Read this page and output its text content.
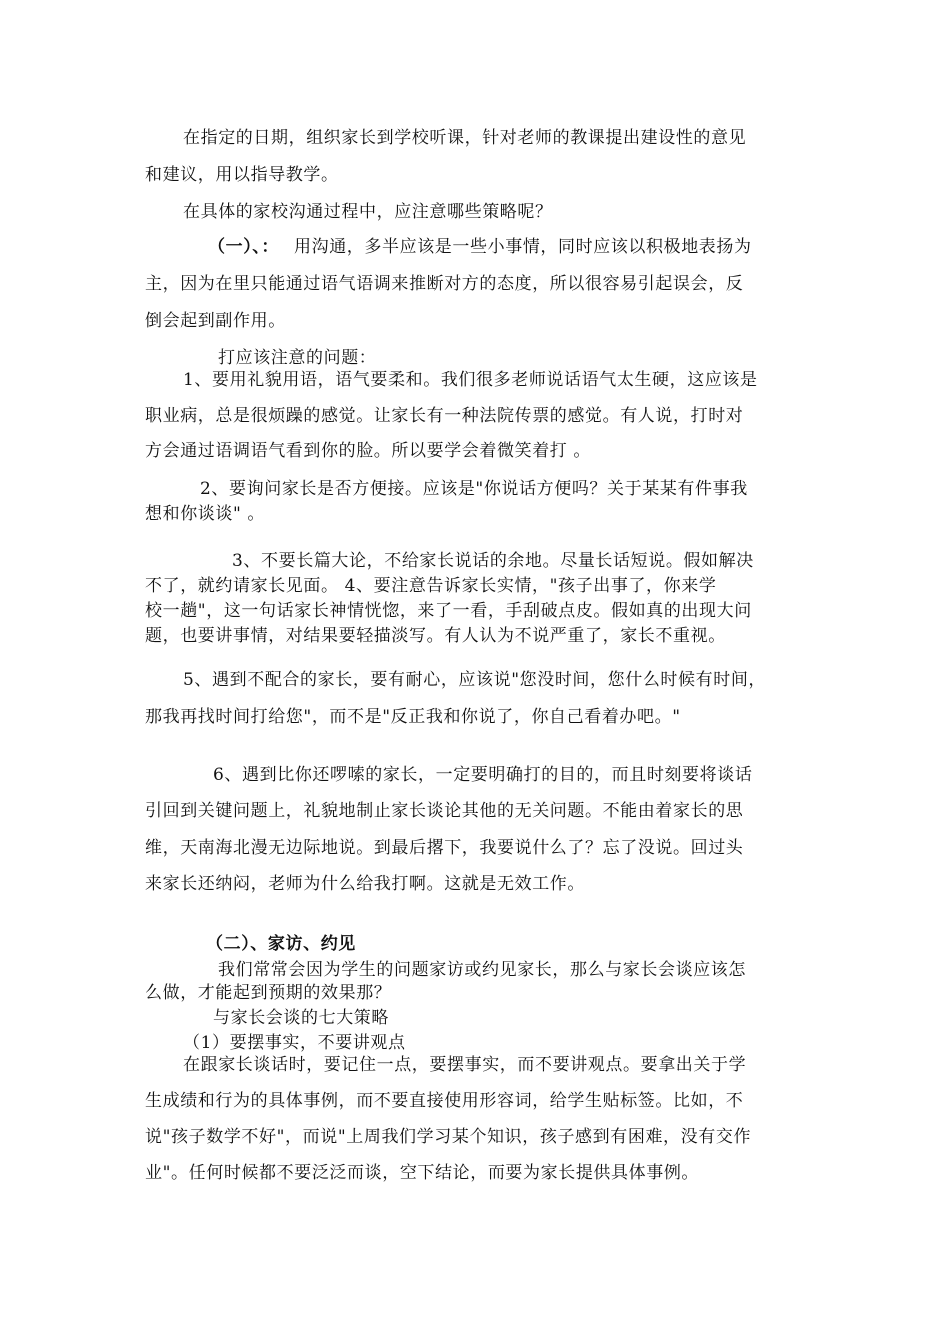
在指定的日期，组织家长到学校听课，针对老师的教课提出建设性的意见
和建议，用以指导教学。
在具体的家校沟通过程中，应注意哪些策略呢？
（一）、： 用沟通，多半应该是一些小事情，同时应该以积极地表扬为
主，因为在里只能通过语气语调来推断对方的态度，所以很容易引起误会，反
倒会起到副作用。
打应该注意的问题：
1、要用礼貌用语，语气要柔和。我们很多老师说话语气太生硬，这应该是
职业病，总是很烦躁的感觉。让家长有一种法院传票的感觉。有人说，打时对
方会通过语调语气看到你的脸。所以要学会着微笑着打 。
2、要询问家长是否方便接。应该是"你说话方便吗？关于某某有件事我
想和你谈谈" 。
3、不要长篇大论，不给家长说话的余地。尽量长话短说。假如解决
不了，就约请家长见面。 4、要注意告诉家长实情，"孩子出事了，你来学
校一趟"，这一句话家长神情恍惚，来了一看，手刮破点皮。假如真的出现大问
题，也要讲事情，对结果要轻描淡写。有人认为不说严重了，家长不重视。
5、遇到不配合的家长，要有耐心，应该说"您没时间，您什么时候有时间，
那我再找时间打给您"，而不是"反正我和你说了，你自己看着办吧。"
6、遇到比你还啰嗦的家长，一定要明确打的目的，而且时刻要将谈话
引回到关键问题上，礼貌地制止家长谈论其他的无关问题。不能由着家长的思
维，天南海北漫无边际地说。到最后撂下，我要说什么了？忘了没说。回过头
来家长还纳闷，老师为什么给我打啊。这就是无效工作。
（二）、家访、约见
我们常常会因为学生的问题家访或约见家长，那么与家长会谈应该怎
么做，才能起到预期的效果那？
与家长会谈的七大策略
（1）要摆事实，不要讲观点
在跟家长谈话时，要记住一点，要摆事实，而不要讲观点。要拿出关于学
生成绩和行为的具体事例，而不要直接使用形容词，给学生贴标签。比如，不
说"孩子数学不好"，而说"上周我们学习某个知识，孩子感到有困难，没有交作
业"。任何时候都不要泛泛而谈，空下结论，而要为家长提供具体事例。
